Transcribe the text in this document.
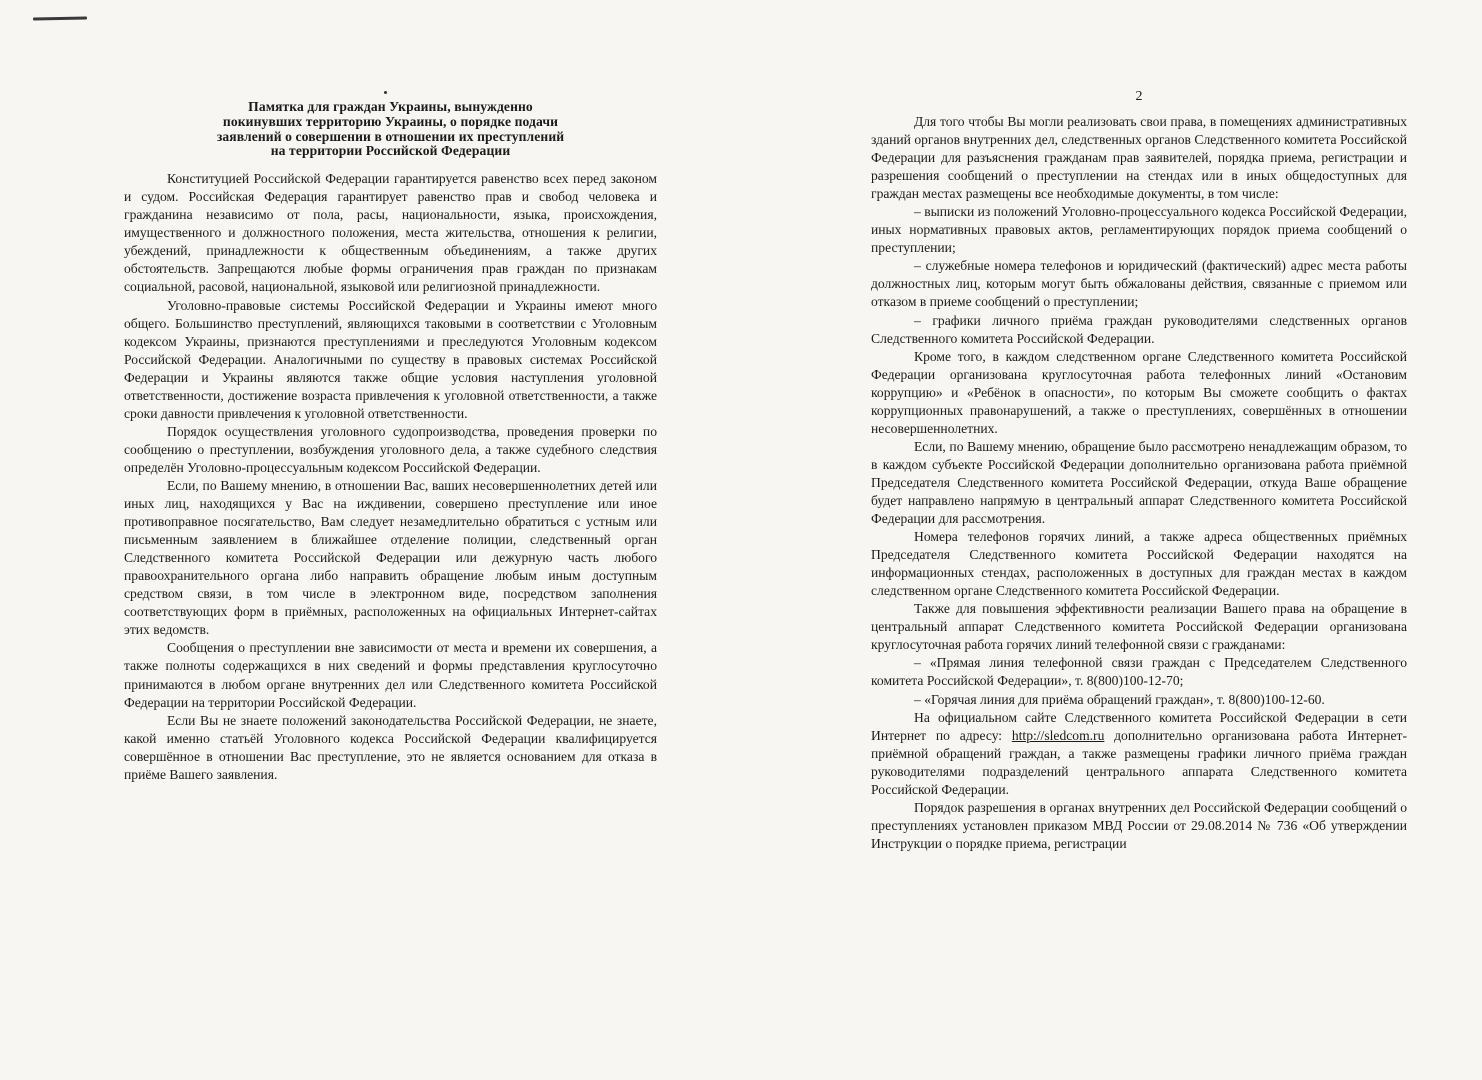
Памятка для граждан Украины, вынужденно
покинувших территорию Украины, о порядке подачи
заявлений о совершении в отношении их преступлений
на территории Российской Федерации

Конституцией Российской Федерации гарантируется равенство всех перед законом и судом. Российская Федерация гарантирует равенство прав и свобод человека и гражданина независимо от пола, расы, национальности, языка, происхождения, имущественного и должностного положения, места жительства, отношения к религии, убеждений, принадлежности к общественным объединениям, а также других обстоятельств. Запрещаются любые формы ограничения прав граждан по признакам социальной, расовой, национальной, языковой или религиозной принадлежности.

Уголовно-правовые системы Российской Федерации и Украины имеют много общего. Большинство преступлений, являющихся таковыми в соответствии с Уголовным кодексом Украины, признаются преступлениями и преследуются Уголовным кодексом Российской Федерации. Аналогичными по существу в правовых системах Российской Федерации и Украины являются также общие условия наступления уголовной ответственности, достижение возраста привлечения к уголовной ответственности, а также сроки давности привлечения к уголовной ответственности.

Порядок осуществления уголовного судопроизводства, проведения проверки по сообщению о преступлении, возбуждения уголовного дела, а также судебного следствия определён Уголовно-процессуальным кодексом Российской Федерации.

Если, по Вашему мнению, в отношении Вас, ваших несовершеннолетних детей или иных лиц, находящихся у Вас на иждивении, совершено преступление или иное противоправное посягательство, Вам следует незамедлительно обратиться с устным или письменным заявлением в ближайшее отделение полиции, следственный орган Следственного комитета Российской Федерации или дежурную часть любого правоохранительного органа либо направить обращение любым иным доступным средством связи, в том числе в электронном виде, посредством заполнения соответствующих форм в приёмных, расположенных на официальных Интернет-сайтах этих ведомств.

Сообщения о преступлении вне зависимости от места и времени их совершения, а также полноты содержащихся в них сведений и формы представления круглосуточно принимаются в любом органе внутренних дел или Следственного комитета Российской Федерации на территории Российской Федерации.

Если Вы не знаете положений законодательства Российской Федерации, не знаете, какой именно статьёй Уголовного кодекса Российской Федерации квалифицируется совершённое в отношении Вас преступление, это не является основанием для отказа в приёме Вашего заявления.

2

Для того чтобы Вы могли реализовать свои права, в помещениях административных зданий органов внутренних дел, следственных органов Следственного комитета Российской Федерации для разъяснения гражданам прав заявителей, порядка приема, регистрации и разрешения сообщений о преступлении на стендах или в иных общедоступных для граждан местах размещены все необходимые документы, в том числе:

– выписки из положений Уголовно-процессуального кодекса Российской Федерации, иных нормативных правовых актов, регламентирующих порядок приема сообщений о преступлении;

– служебные номера телефонов и юридический (фактический) адрес места работы должностных лиц, которым могут быть обжалованы действия, связанные с приемом или отказом в приеме сообщений о преступлении;

– графики личного приёма граждан руководителями следственных органов Следственного комитета Российской Федерации.

Кроме того, в каждом следственном органе Следственного комитета Российской Федерации организована круглосуточная работа телефонных линий «Остановим коррупцию» и «Ребёнок в опасности», по которым Вы сможете сообщить о фактах коррупционных правонарушений, а также о преступлениях, совершённых в отношении несовершеннолетних.

Если, по Вашему мнению, обращение было рассмотрено ненадлежащим образом, то в каждом субъекте Российской Федерации дополнительно организована работа приёмной Председателя Следственного комитета Российской Федерации, откуда Ваше обращение будет направлено напрямую в центральный аппарат Следственного комитета Российской Федерации для рассмотрения.

Номера телефонов горячих линий, а также адреса общественных приёмных Председателя Следственного комитета Российской Федерации находятся на информационных стендах, расположенных в доступных для граждан местах в каждом следственном органе Следственного комитета Российской Федерации.

Также для повышения эффективности реализации Вашего права на обращение в центральный аппарат Следственного комитета Российской Федерации организована круглосуточная работа горячих линий телефонной связи с гражданами:

– «Прямая линия телефонной связи граждан с Председателем Следственного комитета Российской Федерации», т. 8(800)100-12-70;

– «Горячая линия для приёма обращений граждан», т. 8(800)100-12-60.

На официальном сайте Следственного комитета Российской Федерации в сети Интернет по адресу: http://sledcom.ru дополнительно организована работа Интернет-приёмной обращений граждан, а также размещены графики личного приёма граждан руководителями подразделений центрального аппарата Следственного комитета Российской Федерации.

Порядок разрешения в органах внутренних дел Российской Федерации сообщений о преступлениях установлен приказом МВД России от 29.08.2014 № 736 «Об утверждении Инструкции о порядке приема, регистрации
